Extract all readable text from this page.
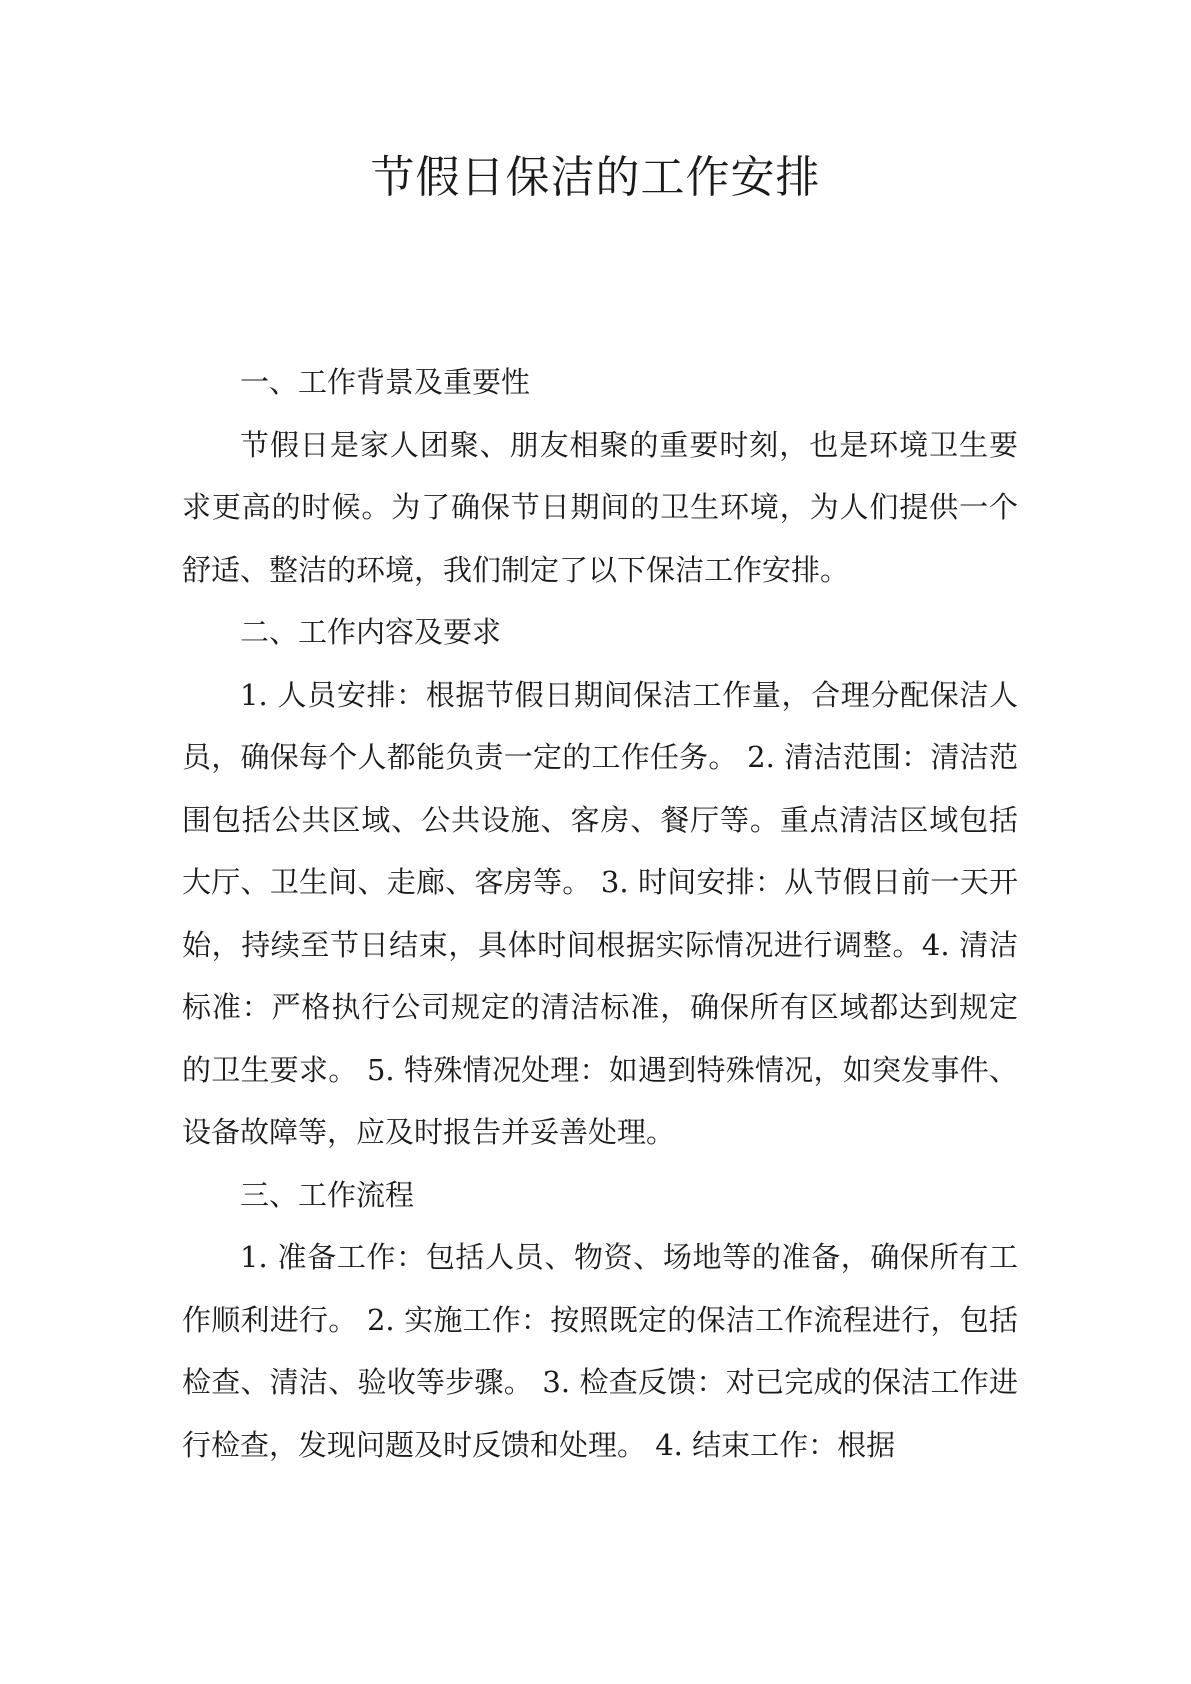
节假日保洁的工作安排

一、工作背景及重要性

节假日是家人团聚、朋友相聚的重要时刻，也是环境卫生要求更高的时候。为了确保节日期间的卫生环境，为人们提供一个舒适、整洁的环境，我们制定了以下保洁工作安排。

二、工作内容及要求

1. 人员安排：根据节假日期间保洁工作量，合理分配保洁人员，确保每个人都能负责一定的工作任务。 2. 清洁范围：清洁范围包括公共区域、公共设施、客房、餐厅等。重点清洁区域包括大厅、卫生间、走廊、客房等。 3. 时间安排：从节假日前一天开始，持续至节日结束，具体时间根据实际情况进行调整。4. 清洁标准：严格执行公司规定的清洁标准，确保所有区域都达到规定的卫生要求。 5. 特殊情况处理：如遇到特殊情况，如突发事件、设备故障等，应及时报告并妥善处理。

三、工作流程

1. 准备工作：包括人员、物资、场地等的准备，确保所有工作顺利进行。 2. 实施工作：按照既定的保洁工作流程进行，包括检查、清洁、验收等步骤。 3. 检查反馈：对已完成的保洁工作进行检查，发现问题及时反馈和处理。 4. 结束工作：根据
